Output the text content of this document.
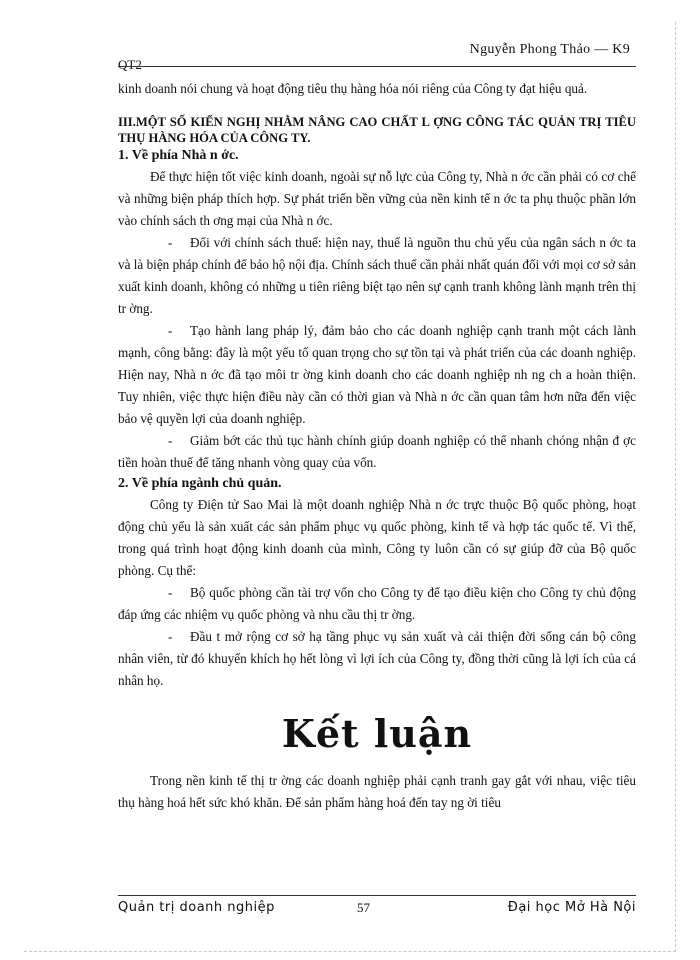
Nguyễn Phong Thảo — K9
QT2

kinh doanh nói chung và hoạt động tiêu thụ hàng hóa nói riêng của Công ty đạt hiệu quả.

III.MỘT SỐ KIẾN NGHỊ NHẰM NÂNG CAO CHẤT L ỢNG CÔNG TÁC QUẢN TRỊ TIÊU THỤ HÀNG HÓA CỦA CÔNG TY.

1. Về phía Nhà n ớc.

Để thực hiện tốt việc kinh doanh, ngoài sự nỗ lực của Công ty, Nhà n ớc cần phải có cơ chế và những biện pháp thích hợp. Sự phát triển bền vững của nền kinh tế n ớc ta phụ thuộc phần lớn vào chính sách th ơng mại của Nhà n ớc.

- Đối với chính sách thuế: hiện nay, thuế là nguồn thu chủ yếu của ngân sách n ớc ta và là biện pháp chính để bảo hộ nội địa. Chính sách thuế cần phải nhất quán đối với mọi cơ sở sản xuất kinh doanh, không có những u tiên riêng biệt tạo nên sự cạnh tranh không lành mạnh trên thị tr ờng.

- Tạo hành lang pháp lý, đảm bảo cho các doanh nghiệp cạnh tranh một cách lành mạnh, công bằng: đây là một yếu tố quan trọng cho sự tồn tại và phát triển của các doanh nghiệp. Hiện nay, Nhà n ớc đã tạo môi tr ờng kinh doanh cho các doanh nghiệp nh ng ch a hoàn thiện. Tuy nhiên, việc thực hiện điều này cần có thời gian và Nhà n ớc cần quan tâm hơn nữa đến việc bảo vệ quyền lợi của doanh nghiệp.

- Giảm bớt các thủ tục hành chính giúp doanh nghiệp có thể nhanh chóng nhận đ ợc tiền hoàn thuế để tăng nhanh vòng quay của vốn.

2. Về phía ngành chủ quản.

Công ty Điện tử Sao Mai là một doanh nghiệp Nhà n ớc trực thuộc Bộ quốc phòng, hoạt động chủ yếu là sản xuất các sản phẩm phục vụ quốc phòng, kinh tế và hợp tác quốc tế. Vì thế, trong quá trình hoạt động kinh doanh của mình, Công ty luôn cần có sự giúp đỡ của Bộ quốc phòng. Cụ thể:

- Bộ quốc phòng cần tài trợ vốn cho Công ty để tạo điều kiện cho Công ty chủ động đáp ứng các nhiệm vụ quốc phòng và nhu cầu thị tr ờng.

- Đầu t mở rộng cơ sở hạ tầng phục vụ sản xuất và cải thiện đời sống cán bộ công nhân viên, từ đó khuyến khích họ hết lòng vì lợi ích của Công ty, đồng thời cũng là lợi ích của cá nhân họ.

Kết luận

Trong nền kinh tế thị tr ờng các doanh nghiệp phải cạnh tranh gay gắt với nhau, việc tiêu thụ hàng hoá hết sức khó khăn. Để sản phẩm hàng hoá đến tay ng ời tiêu

Quản trị doanh nghiệp	57	Đại học Mở Hà Nội
